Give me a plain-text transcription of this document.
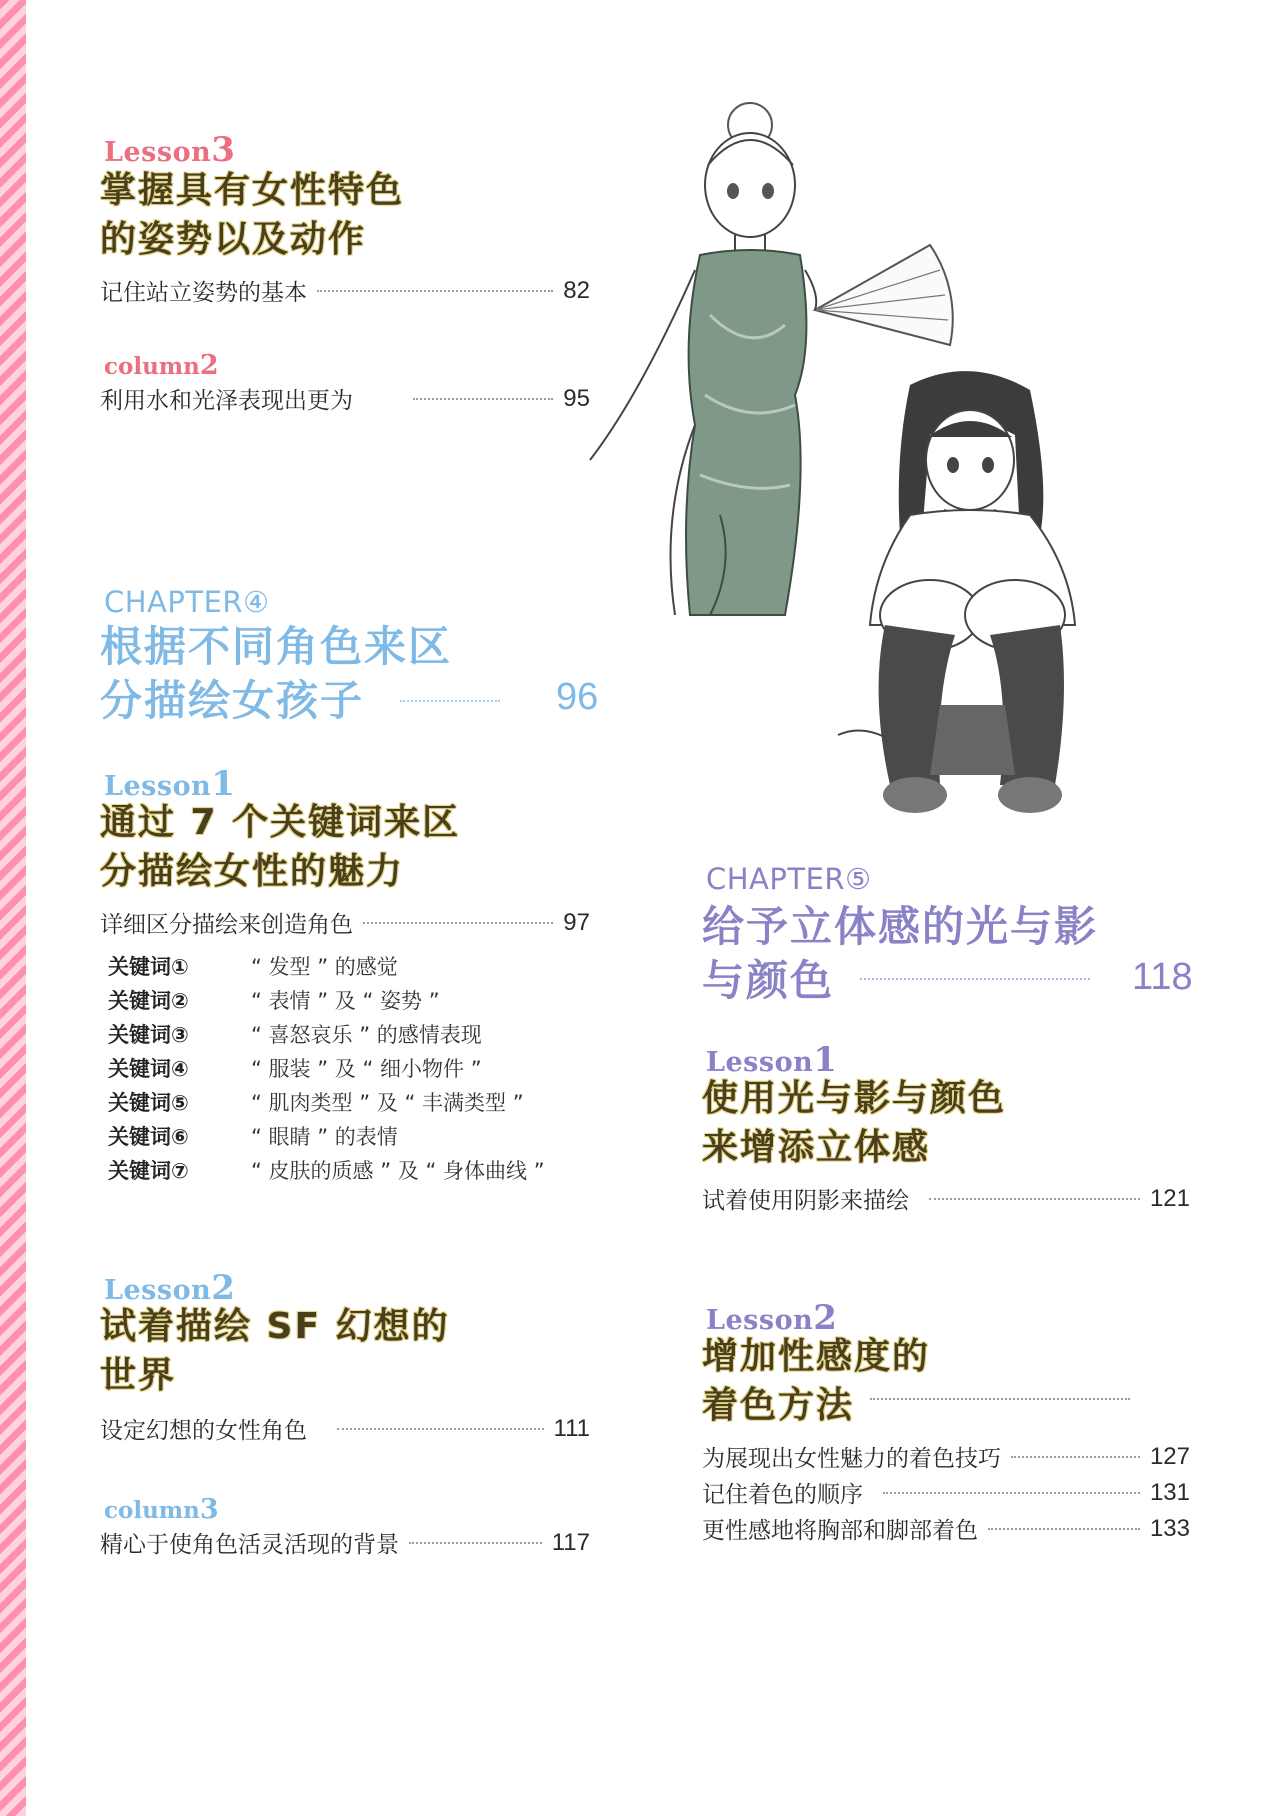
Lesson3
掌握具有女性特色
的姿势以及动作
记住站立姿势的基本	82
column2
利用水和光泽表现出更为	95
CHAPTER④
根据不同角色来区
分描绘女孩子	96
Lesson1
通过 7 个关键词来区
分描绘女性的魅力
详细区分描绘来创造角色	97
关键词①	“ 发型 ” 的感觉
关键词②	“ 表情 ” 及 “ 姿势 ”
关键词③	“ 喜怒哀乐 ” 的感情表现
关键词④	“ 服装 ” 及 “ 细小物件 ”
关键词⑤	“ 肌肉类型 ” 及 “ 丰满类型 ”
关键词⑥	“ 眼睛 ” 的表情
关键词⑦	“ 皮肤的质感 ” 及 “ 身体曲线 ”
Lesson2
试着描绘 SF 幻想的
世界
设定幻想的女性角色	111
column3
精心于使角色活灵活现的背景	117
CHAPTER⑤
给予立体感的光与影
与颜色	118
Lesson1
使用光与影与颜色
来增添立体感
试着使用阴影来描绘	121
Lesson2
增加性感度的
着色方法
为展现出女性魅力的着色技巧	127
记住着色的顺序	131
更性感地将胸部和脚部着色	133
